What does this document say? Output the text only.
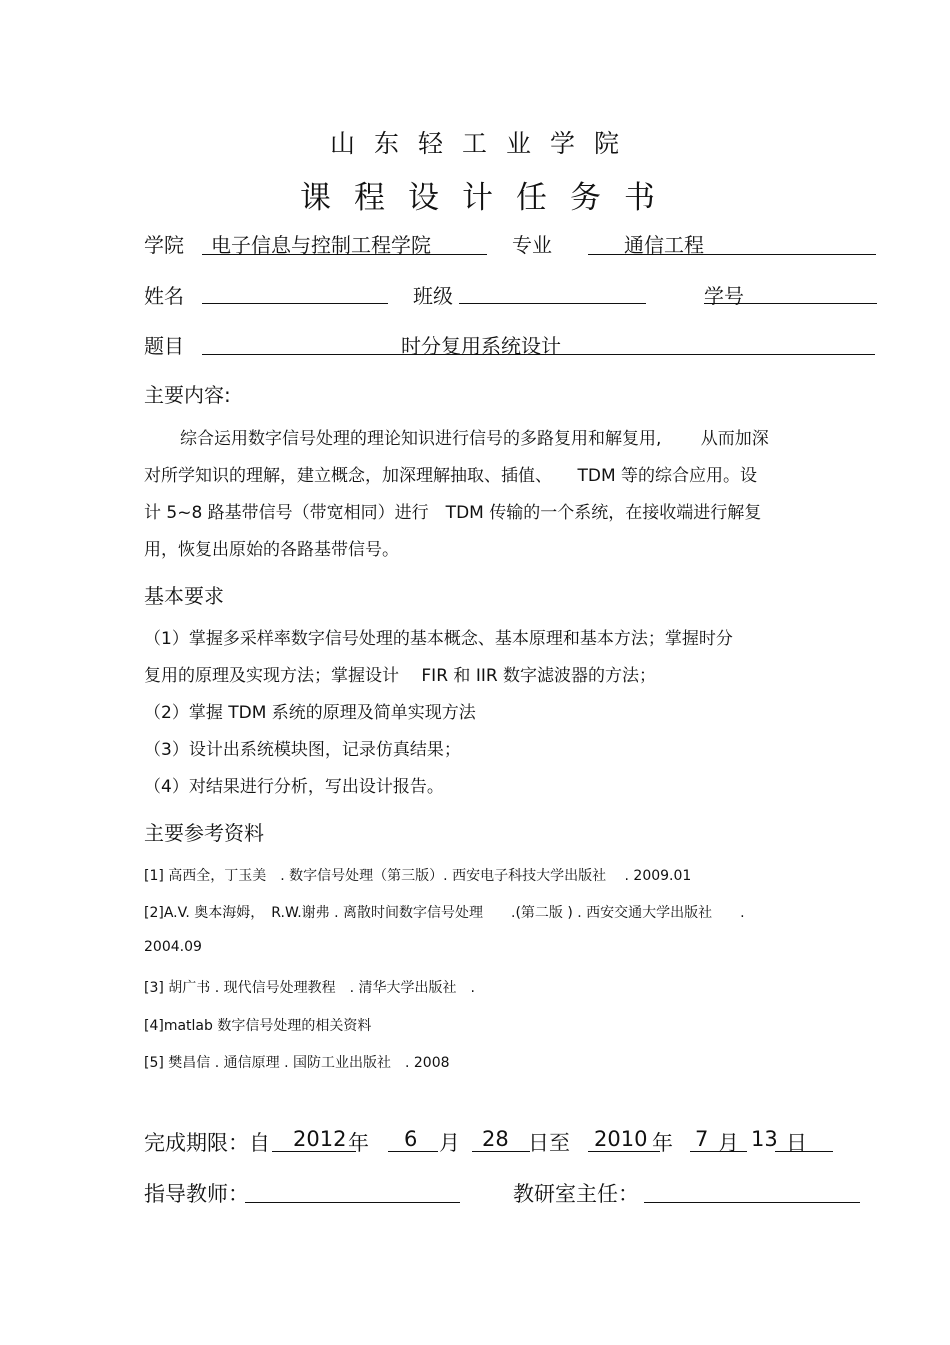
山东轻工业学院
课程设计任务书
学院 电子信息与控制工程学院	专业	通信工程
姓名	班级	学号
题目	时分复用系统设计
主要内容:
综合运用数字信号处理的理论知识进行信号的多路复用和解复用,　　 从而加深
对所学知识的理解，建立概念，加深理解抽取、插值、　　TDM 等的综合应用。设
计 5~8 路基带信号（带宽相同）进行　TDM 传输的一个系统，在接收端进行解复
用，恢复出原始的各路基带信号。
基本要求
（1）掌握多采样率数字信号处理的基本概念、基本原理和基本方法；掌握时分
复用的原理及实现方法；掌握设计　 FIR 和 IIR 数字滤波器的方法；
（2）掌握 TDM 系统的原理及简单实现方法
（3）设计出系统模块图，记录仿真结果；
（4）对结果进行分析，写出设计报告。
主要参考资料
[1] 高西全，丁玉美　. 数字信号处理（第三版）. 西安电子科技大学出版社　 . 2009.01
[2]A.V. 奥本海姆，　R.W.谢弗 . 离散时间数字信号处理　　.(第二版 ) . 西安交通大学出版社　　.
2004.09
[3] 胡广书 . 现代信号处理教程　. 清华大学出版社　.
[4]matlab 数字信号处理的相关资料
[5] 樊昌信 . 通信原理 . 国防工业出版社　. 2008
完成期限：自 2012 年 6 月 28 日至 2010 年 7 月 13 日
指导教师：	教研室主任：
